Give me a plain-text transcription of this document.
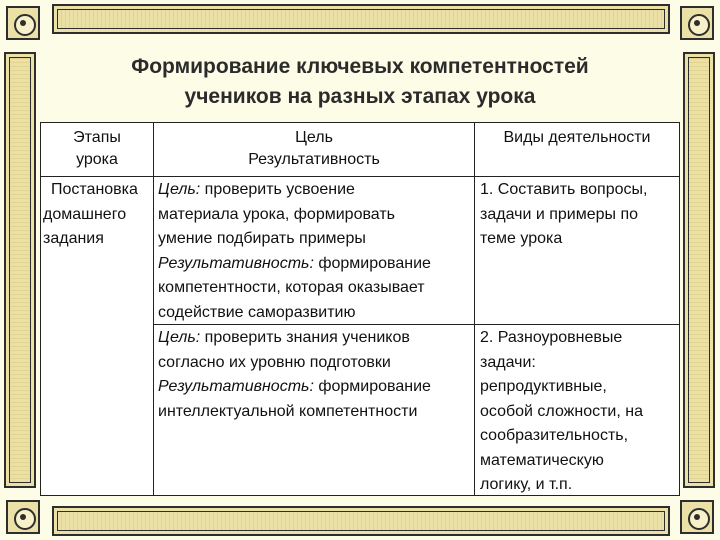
Формирование ключевых компетентностей
учеников на разных этапах урока
Этапы
урока
Цель
Результативность
Виды деятельности
Постановка
домашнего
задания
Цель: проверить усвоение
материала урока, формировать
умение подбирать примеры
Результативность: формирование
компетентности, которая оказывает
содействие саморазвитию
Цель: проверить знания учеников
согласно их уровню подготовки
Результативность: формирование
интеллектуальной компетентности
1. Составить вопросы,
задачи и примеры по
теме урока
2. Разноуровневые
задачи:
репродуктивные,
особой сложности, на
сообразительность,
математическую
логику, и т.п.
